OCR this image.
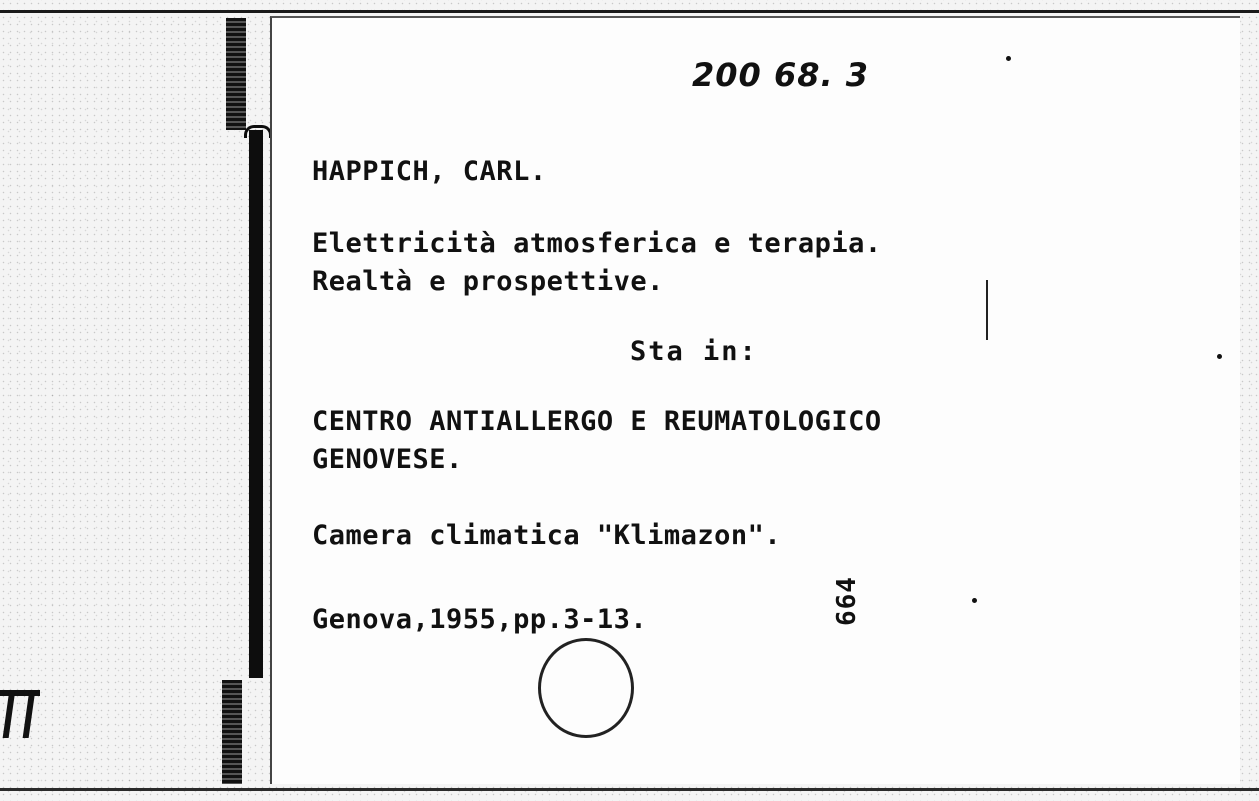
200 68. 3
HAPPICH, CARL.
Elettricità atmosferica e terapia.
Realtà e prospettive.
Sta in:
CENTRO ANTIALLERGO E REUMATOLOGICO
GENOVESE.
Camera climatica "Klimazon".
Genova,1955,pp.3-13.	664
